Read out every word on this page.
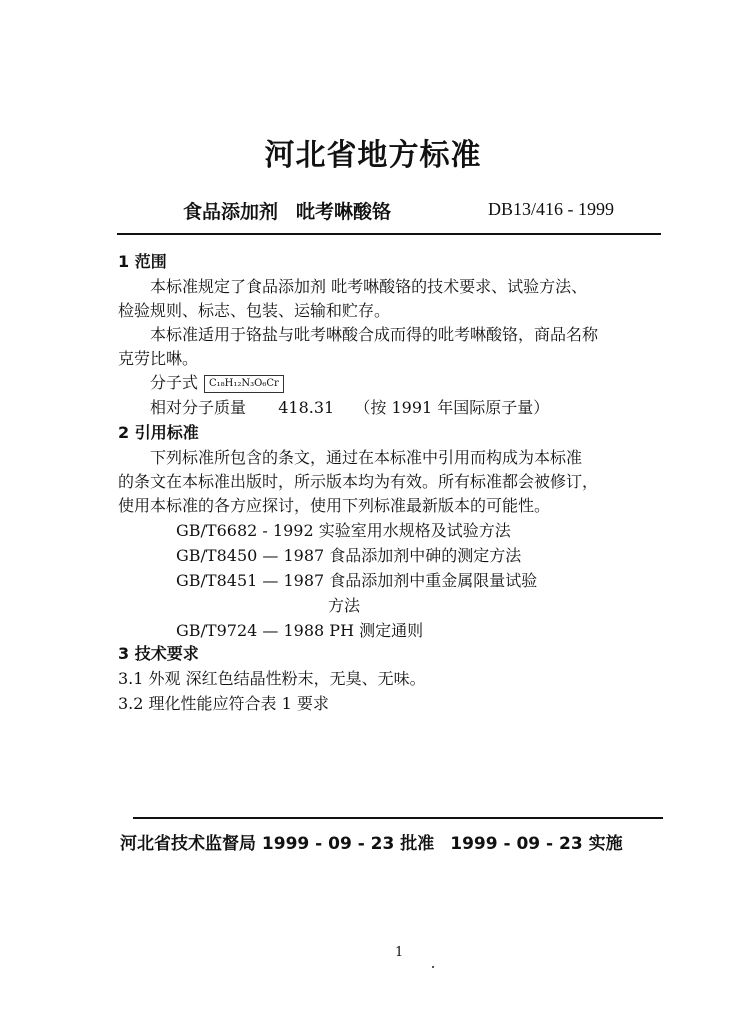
河北省地方标准
食品添加剂 吡考啉酸铬	DB13/416 - 1999
1 范围
本标准规定了食品添加剂 吡考啉酸铬的技术要求、试验方法、
检验规则、标志、包装、运输和贮存。
本标准适用于铬盐与吡考啉酸合成而得的吡考啉酸铬，商品名称
克劳比啉。
分子式 C₁₈H₁₂N₃O₆Cr
相对分子质量 418.31 （按 1991 年国际原子量）
2 引用标准
下列标准所包含的条文，通过在本标准中引用而构成为本标准
的条文在本标准出版时，所示版本均为有效。所有标准都会被修订，
使用本标准的各方应探讨，使用下列标准最新版本的可能性。
GB/T6682 - 1992 实验室用水规格及试验方法
GB/T8450 — 1987 食品添加剂中砷的测定方法
GB/T8451 — 1987 食品添加剂中重金属限量试验
方法
GB/T9724 — 1988 PH 测定通则
3 技术要求
3.1 外观 深红色结晶性粉末，无臭、无味。
3.2 理化性能应符合表 1 要求
河北省技术监督局 1999 - 09 - 23 批准 1999 - 09 - 23 实施
1
